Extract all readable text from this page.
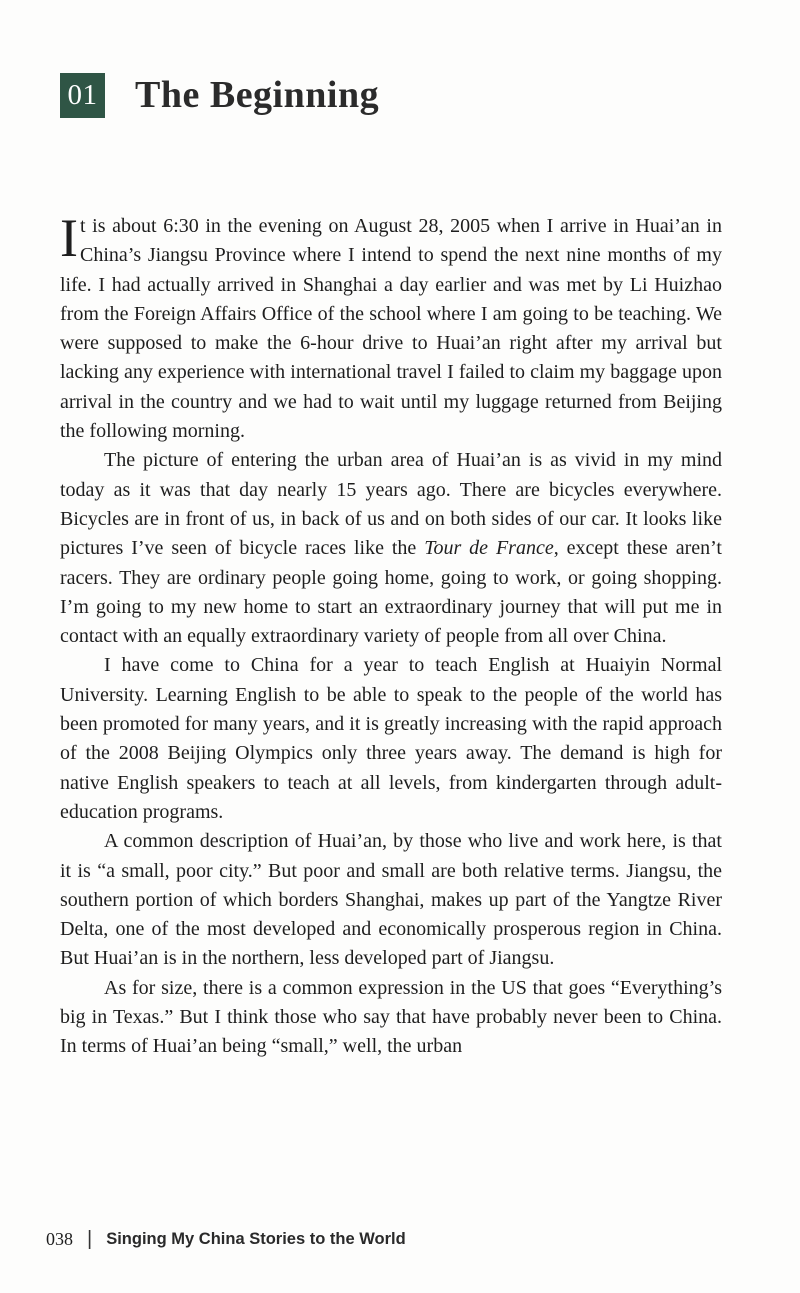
01 The Beginning

It is about 6:30 in the evening on August 28, 2005 when I arrive in Huai’an in China’s Jiangsu Province where I intend to spend the next nine months of my life. I had actually arrived in Shanghai a day earlier and was met by Li Huizhao from the Foreign Affairs Office of the school where I am going to be teaching. We were supposed to make the 6-hour drive to Huai’an right after my arrival but lacking any experience with international travel I failed to claim my baggage upon arrival in the country and we had to wait until my luggage returned from Beijing the following morning.

The picture of entering the urban area of Huai’an is as vivid in my mind today as it was that day nearly 15 years ago. There are bicycles everywhere. Bicycles are in front of us, in back of us and on both sides of our car. It looks like pictures I’ve seen of bicycle races like the Tour de France, except these aren’t racers. They are ordinary people going home, going to work, or going shopping. I’m going to my new home to start an extraordinary journey that will put me in contact with an equally extraordinary variety of people from all over China.

I have come to China for a year to teach English at Huaiyin Normal University. Learning English to be able to speak to the people of the world has been promoted for many years, and it is greatly increasing with the rapid approach of the 2008 Beijing Olympics only three years away. The demand is high for native English speakers to teach at all levels, from kindergarten through adult-education programs.

A common description of Huai’an, by those who live and work here, is that it is “a small, poor city.” But poor and small are both relative terms. Jiangsu, the southern portion of which borders Shanghai, makes up part of the Yangtze River Delta, one of the most developed and economically prosperous region in China. But Huai’an is in the northern, less developed part of Jiangsu.

As for size, there is a common expression in the US that goes “Everything’s big in Texas.” But I think those who say that have probably never been to China. In terms of Huai’an being “small,” well, the urban

038 | Singing My China Stories to the World
